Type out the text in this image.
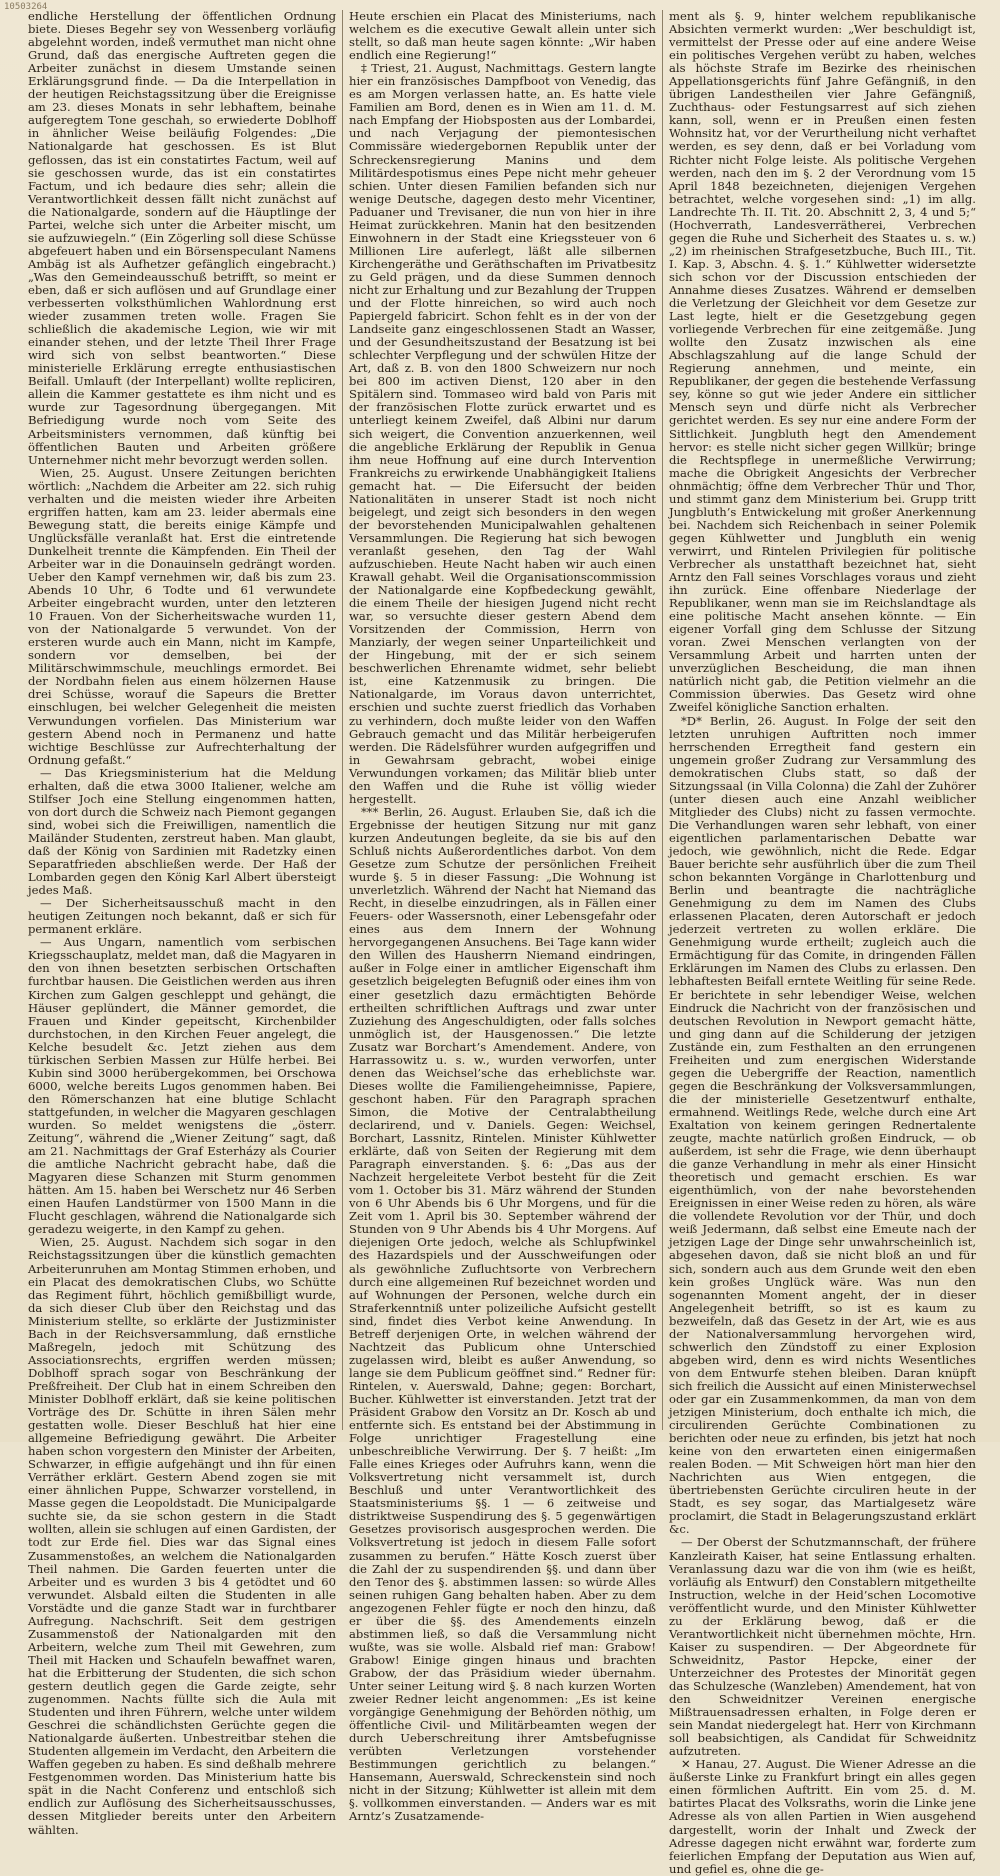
10503264

endliche Herstellung der öffentlichen Ordnung biete. Dieses Begehr sey von Wessenberg vorläufig abgelehnt worden, indeß vermuthet man nicht ohne Grund, daß das energische Auftreten gegen die Arbeiter zunächst in diesem Umstande seinen Erklärungsgrund finde. — Da die Interpellation in der heutigen Reichstagssitzung über die Ereignisse am 23. dieses Monats in sehr lebhaftem, beinahe aufgeregtem Tone geschah, so erwiederte Doblhoff in ähnlicher Weise beiläufig Folgendes: „Die Nationalgarde hat geschossen. Es ist Blut geflossen, das ist ein constatirtes Factum, weil auf sie geschossen wurde, das ist ein constatirtes Factum, und ich bedaure dies sehr; allein die Verantwortlichkeit dessen fällt nicht zunächst auf die Nationalgarde, sondern auf die Häuptlinge der Partei, welche sich unter die Arbeiter mischt, um sie aufzuwiegeln.“ (Ein Zögerling soll diese Schüsse abgefeuert haben und ein Börsenspeculant Namens Ambäg ist als Aufhetzer gefänglich eingebracht.) „Was den Gemeindeausschuß betrifft, so meint er eben, daß er sich auflösen und auf Grundlage einer verbesserten volksthümlichen Wahlordnung erst wieder zusammen treten wolle. Fragen Sie schließlich die akademische Legion, wie wir mit einander stehen, und der letzte Theil Ihrer Frage wird sich von selbst beantworten.“ Diese ministerielle Erklärung erregte enthusiastischen Beifall. Umlauft (der Interpellant) wollte repliciren, allein die Kammer gestattete es ihm nicht und es wurde zur Tagesordnung übergegangen. Mit Befriedigung wurde noch vom Seite des Arbeitsministers vernommen, daß künftig bei öffentlichen Bauten und Arbeiten größere Unternehmer nicht mehr bevorzugt werden sollen.

Wien, 25. August. Unsere Zeitungen berichten wörtlich: „Nachdem die Arbeiter am 22. sich ruhig verhalten und die meisten wieder ihre Arbeiten ergriffen hatten, kam am 23. leider abermals eine Bewegung statt, die bereits einige Kämpfe und Unglücksfälle veranlaßt hat. Erst die eintretende Dunkelheit trennte die Kämpfenden. Ein Theil der Arbeiter war in die Donauinseln gedrängt worden. Ueber den Kampf vernehmen wir, daß bis zum 23. Abends 10 Uhr, 6 Todte und 61 verwundete Arbeiter eingebracht wurden, unter den letzteren 10 Frauen. Von der Sicherheitswache wurden 11, von der Nationalgarde 5 verwundet. Von der ersteren wurde auch ein Mann, nicht im Kampfe, sondern vor demselben, bei der Militärschwimmschule, meuchlings ermordet. Bei der Nordbahn fielen aus einem hölzernen Hause drei Schüsse, worauf die Sapeurs die Bretter einschlugen, bei welcher Gelegenheit die meisten Verwundungen vorfielen. Das Ministerium war gestern Abend noch in Permanenz und hatte wichtige Beschlüsse zur Aufrechterhaltung der Ordnung gefaßt.“

— Das Kriegsministerium hat die Meldung erhalten, daß die etwa 3000 Italiener, welche am Stilfser Joch eine Stellung eingenommen hatten, von dort durch die Schweiz nach Piemont gegangen sind, wobei sich die Freiwilligen, namentlich die Mailänder Studenten, zerstreut haben. Man glaubt, daß der König von Sardinien mit Radetzky einen Separatfrieden abschließen werde. Der Haß der Lombarden gegen den König Karl Albert übersteigt jedes Maß.

— Der Sicherheitsausschuß macht in den heutigen Zeitungen noch bekannt, daß er sich für permanent erkläre.

— Aus Ungarn, namentlich vom serbischen Kriegsschauplatz, meldet man, daß die Magyaren in den von ihnen besetzten serbischen Ortschaften furchtbar hausen. Die Geistlichen werden aus ihren Kirchen zum Galgen geschleppt und gehängt, die Häuser geplündert, die Männer gemordet, die Frauen und Kinder gepeitscht, Kirchenbilder durchstochen, in den Kirchen Feuer angelegt, die Kelche besudelt &c. Jetzt ziehen aus dem türkischen Serbien Massen zur Hülfe herbei. Bei Kubin sind 3000 herübergekommen, bei Orschowa 6000, welche bereits Lugos genommen haben. Bei den Römerschanzen hat eine blutige Schlacht stattgefunden, in welcher die Magyaren geschlagen wurden. So meldet wenigstens die „österr. Zeitung“, während die „Wiener Zeitung“ sagt, daß am 21. Nachmittags der Graf Esterházy als Courier die amtliche Nachricht gebracht habe, daß die Magyaren diese Schanzen mit Sturm genommen hätten. Am 15. haben bei Werschetz nur 46 Serben einen Haufen Landstürmer von 1500 Mann in die Flucht geschlagen, während die Nationalgarde sich geradezu weigerte, in den Kampf zu gehen.

Wien, 25. August. Nachdem sich sogar in den Reichstagssitzungen über die künstlich gemachten Arbeiterunruhen am Montag Stimmen erhoben, und ein Placat des demokratischen Clubs, wo Schütte das Regiment führt, höchlich gemißbilligt wurde, da sich dieser Club über den Reichstag und das Ministerium stellte, so erklärte der Justizminister Bach in der Reichsversammlung, daß ernstliche Maßregeln, jedoch mit Schützung des Associationsrechts, ergriffen werden müssen; Doblhoff sprach sogar von Beschränkung der Preßfreiheit. Der Club hat in einem Schreiben den Minister Doblhoff erklärt, daß sie keine politischen Vorträge des Dr. Schütte in ihren Sälen mehr gestatten wolle. Dieser Beschluß hat hier eine allgemeine Befriedigung gewährt. Die Arbeiter haben schon vorgestern den Minister der Arbeiten, Schwarzer, in effigie aufgehängt und ihn für einen Verräther erklärt. Gestern Abend zogen sie mit einer ähnlichen Puppe, Schwarzer vorstellend, in Masse gegen die Leopoldstadt. Die Municipalgarde suchte sie, da sie schon gestern in die Stadt wollten, allein sie schlugen auf einen Gardisten, der todt zur Erde fiel. Dies war das Signal eines Zusammenstoßes, an welchem die Nationalgarden Theil nahmen. Die Garden feuerten unter die Arbeiter und es wurden 3 bis 4 getödtet und 60 verwundet. Alsbald eilten die Studenten in alle Vorstädte und die ganze Stadt war in furchtbarer Aufregung. Nachschrift. Seit dem gestrigen Zusammenstoß der Nationalgarden mit den Arbeitern, welche zum Theil mit Gewehren, zum Theil mit Hacken und Schaufeln bewaffnet waren, hat die Erbitterung der Studenten, die sich schon gestern deutlich gegen die Garde zeigte, sehr zugenommen. Nachts füllte sich die Aula mit Studenten und ihren Führern, welche unter wildem Geschrei die schändlichsten Gerüchte gegen die Nationalgarde äußerten. Unbestreitbar stehen die Studenten allgemein im Verdacht, den Arbeitern die Waffen gegeben zu haben. Es sind deßhalb mehrere Festgenommen worden. Das Ministerium hatte bis spät in die Nacht Conferenz und entschloß sich endlich zur Auflösung des Sicherheitsausschusses, dessen Mitglieder bereits unter den Arbeitern wählten.

Heute erschien ein Placat des Ministeriums, nach welchem es die executive Gewalt allein unter sich stellt, so daß man heute sagen könnte: „Wir haben endlich eine Regierung!“

‡ Triest, 21. August, Nachmittags. Gestern langte hier ein französisches Dampfboot von Venedig, das es am Morgen verlassen hatte, an. Es hatte viele Familien am Bord, denen es in Wien am 11. d. M. nach Empfang der Hiobsposten aus der Lombardei, und nach Verjagung der piemontesischen Commissäre wiedergebornen Republik unter der Schreckensregierung Manins und dem Militärdespotismus eines Pepe nicht mehr geheuer schien. Unter diesen Familien befanden sich nur wenige Deutsche, dagegen desto mehr Vicentiner, Paduaner und Trevisaner, die nun von hier in ihre Heimat zurückkehren. Manin hat den besitzenden Einwohnern in der Stadt eine Kriegssteuer von 6 Millionen Lire auferlegt, läßt alle silbernen Kirchengeräthe und Geräthschaften im Privatbesitz zu Geld prägen, und da diese Summen dennoch nicht zur Erhaltung und zur Bezahlung der Truppen und der Flotte hinreichen, so wird auch noch Papiergeld fabricirt. Schon fehlt es in der von der Landseite ganz eingeschlossenen Stadt an Wasser, und der Gesundheitszustand der Besatzung ist bei schlechter Verpflegung und der schwülen Hitze der Art, daß z. B. von den 1800 Schweizern nur noch bei 800 im activen Dienst, 120 aber in den Spitälern sind. Tommaseo wird bald von Paris mit der französischen Flotte zurück erwartet und es unterliegt keinem Zweifel, daß Albini nur darum sich weigert, die Convention anzuerkennen, weil die angebliche Erklärung der Republik in Genua ihm neue Hoffnung auf eine durch Intervention Frankreichs zu erwirkende Unabhängigkeit Italiens gemacht hat. — Die Eifersucht der beiden Nationalitäten in unserer Stadt ist noch nicht beigelegt, und zeigt sich besonders in den wegen der bevorstehenden Municipalwahlen gehaltenen Versammlungen. Die Regierung hat sich bewogen veranlaßt gesehen, den Tag der Wahl aufzuschieben. Heute Nacht haben wir auch einen Krawall gehabt. Weil die Organisationscommission der Nationalgarde eine Kopfbedeckung gewählt, die einem Theile der hiesigen Jugend nicht recht war, so versuchte dieser gestern Abend dem Vorsitzenden der Commission, Herrn von Manziarly, der wegen seiner Unparteilichkeit und der Hingebung, mit der er sich seinem beschwerlichen Ehrenamte widmet, sehr beliebt ist, eine Katzenmusik zu bringen. Die Nationalgarde, im Voraus davon unterrichtet, erschien und suchte zuerst friedlich das Vorhaben zu verhindern, doch mußte leider von den Waffen Gebrauch gemacht und das Militär herbeigerufen werden. Die Rädelsführer wurden aufgegriffen und in Gewahrsam gebracht, wobei einige Verwundungen vorkamen; das Militär blieb unter den Waffen und die Ruhe ist völlig wieder hergestellt.

*** Berlin, 26. August. Erlauben Sie, daß ich die Ergebnisse der heutigen Sitzung nur mit ganz kurzen Andeutungen begleite, da sie bis auf den Schluß nichts Außerordentliches darbot. Von dem Gesetze zum Schutze der persönlichen Freiheit wurde §. 5 in dieser Fassung: „Die Wohnung ist unverletzlich. Während der Nacht hat Niemand das Recht, in dieselbe einzudringen, als in Fällen einer Feuers- oder Wassersnoth, einer Lebensgefahr oder eines aus dem Innern der Wohnung hervorgegangenen Ansuchens. Bei Tage kann wider den Willen des Hausherrn Niemand eindringen, außer in Folge einer in amtlicher Eigenschaft ihm gesetzlich beigelegten Befugniß oder eines ihm von einer gesetzlich dazu ermächtigten Behörde ertheilten schriftlichen Auftrags und zwar unter Zuziehung des Angeschuldigten, oder falls solches unmöglich ist, der Hausgenossen.“ Die letzte Zusatz war Borchart’s Amendement. Andere, von Harrassowitz u. s. w., wurden verworfen, unter denen das Weichsel’sche das erheblichste war. Dieses wollte die Familiengeheimnisse, Papiere, geschont haben. Für den Paragraph sprachen Simon, die Motive der Centralabtheilung declarirend, und v. Daniels. Gegen: Weichsel, Borchart, Lassnitz, Rintelen. Minister Kühlwetter erklärte, daß von Seiten der Regierung mit dem Paragraph einverstanden. §. 6: „Das aus der Nachzeit hergeleitete Verbot besteht für die Zeit vom 1. October bis 31. März während der Stunden von 6 Uhr Abends bis 6 Uhr Morgens, und für die Zeit vom 1. April bis 30. September während der Stunden von 9 Uhr Abends bis 4 Uhr Morgens. Auf diejenigen Orte jedoch, welche als Schlupfwinkel des Hazardspiels und der Ausschweifungen oder als gewöhnliche Zufluchtsorte von Verbrechern durch eine allgemeinen Ruf bezeichnet worden und auf Wohnungen der Personen, welche durch ein Straferkenntniß unter polizeiliche Aufsicht gestellt sind, findet dies Verbot keine Anwendung. In Betreff derjenigen Orte, in welchen während der Nachtzeit das Publicum ohne Unterschied zugelassen wird, bleibt es außer Anwendung, so lange sie dem Publicum geöffnet sind.“ Redner für: Rintelen, v. Auerswald, Dahne; gegen: Borchart, Bucher. Kühlwetter ist einverstanden. Jetzt trat der Präsident Grabow den Vorsitz an Dr. Kosch ab und entfernte sich. Es entstand bei der Abstimmung in Folge unrichtiger Fragestellung eine unbeschreibliche Verwirrung. Der §. 7 heißt: „Im Falle eines Krieges oder Aufruhrs kann, wenn die Volksvertretung nicht versammelt ist, durch Beschluß und unter Verantwortlichkeit des Staatsministeriums §§. 1 — 6 zeitweise und distriktweise Suspendirung des §. 5 gegenwärtigen Gesetzes provisorisch ausgesprochen werden. Die Volksvertretung ist jedoch in diesem Falle sofort zusammen zu berufen.“ Hätte Kosch zuerst über die Zahl der zu suspendirenden §§. und dann über den Tenor des §. abstimmen lassen: so würde Alles seinen ruhigen Gang behalten haben. Aber zu dem angezogenen Fehler fügte er noch den hinzu, daß er über die §§. des Amendements einzeln abstimmen ließ, so daß die Versammlung nicht wußte, was sie wolle. Alsbald rief man: Grabow! Grabow! Einige gingen hinaus und brachten Grabow, der das Präsidium wieder übernahm. Unter seiner Leitung wird §. 8 nach kurzen Worten zweier Redner leicht angenommen: „Es ist keine vorgängige Genehmigung der Behörden nöthig, um öffentliche Civil- und Militärbeamten wegen der durch Ueberschreitung ihrer Amtsbefugnisse verübten Verletzungen vorstehender Bestimmungen gerichtlich zu belangen.“ Hansemann, Auerswald, Schreckenstein sind noch nicht in der Sitzung; Kühlwetter ist allein mit dem §. vollkommen einverstanden. — Anders war es mit Arntz’s Zusatzamende-

ment als §. 9, hinter welchem republikanische Absichten vermerkt wurden: „Wer beschuldigt ist, vermittelst der Presse oder auf eine andere Weise ein politisches Vergehen verübt zu haben, welches als höchste Strafe im Bezirke des rheinischen Appellationsgerichts fünf Jahre Gefängniß, in den übrigen Landestheilen vier Jahre Gefängniß, Zuchthaus- oder Festungsarrest auf sich ziehen kann, soll, wenn er in Preußen einen festen Wohnsitz hat, vor der Verurtheilung nicht verhaftet werden, es sey denn, daß er bei Vorladung vom Richter nicht Folge leiste. Als politische Vergehen werden, nach den im §. 2 der Verordnung vom 15 April 1848 bezeichneten, diejenigen Vergehen betrachtet, welche vorgesehen sind: „1) im allg. Landrechte Th. II. Tit. 20. Abschnitt 2, 3, 4 und 5;“ (Hochverrath, Landesverrätherei, Verbrechen gegen die Ruhe und Sicherheit des Staates u. s. w.) „2) im rheinischen Strafgesetzbuche, Buch III., Tit. I. Kap. 3, Abschn. 4. §. 1.“ Kühlwetter widersetzte sich schon vor der Discussion entschieden der Annahme dieses Zusatzes. Während er demselben die Verletzung der Gleichheit vor dem Gesetze zur Last legte, hielt er die Gesetzgebung gegen vorliegende Verbrechen für eine zeitgemäße. Jung wollte den Zusatz inzwischen als eine Abschlagszahlung auf die lange Schuld der Regierung annehmen, und meinte, ein Republikaner, der gegen die bestehende Verfassung sey, könne so gut wie jeder Andere ein sittlicher Mensch seyn und dürfe nicht als Verbrecher gerichtet werden. Es sey nur eine andere Form der Sittlichkeit. Jungbluth hegt den Amendement hervor: es stelle nicht sicher gegen Willkür; bringe die Rechtspflege in unermeßliche Verwirrung; mache die Obrigkeit Angesichts der Verbrecher ohnmächtig; öffne dem Verbrecher Thür und Thor, und stimmt ganz dem Ministerium bei. Grupp tritt Jungbluth’s Entwickelung mit großer Anerkennung bei. Nachdem sich Reichenbach in seiner Polemik gegen Kühlwetter und Jungbluth ein wenig verwirrt, und Rintelen Privilegien für politische Verbrecher als unstatthaft bezeichnet hat, sieht Arntz den Fall seines Vorschlages voraus und zieht ihn zurück. Eine offenbare Niederlage der Republikaner, wenn man sie im Reichslandtage als eine politische Macht ansehen könnte. — Ein eigener Vorfall ging dem Schlusse der Sitzung voran. Zwei Menschen verlangten von der Versammlung Arbeit und harrten unten der unverzüglichen Bescheidung, die man ihnen natürlich nicht gab, die Petition vielmehr an die Commission überwies. Das Gesetz wird ohne Zweifel königliche Sanction erhalten.

*D* Berlin, 26. August. In Folge der seit den letzten unruhigen Auftritten noch immer herrschenden Erregtheit fand gestern ein ungemein großer Zudrang zur Versammlung des demokratischen Clubs statt, so daß der Sitzungssaal (in Villa Colonna) die Zahl der Zuhörer (unter diesen auch eine Anzahl weiblicher Mitglieder des Clubs) nicht zu fassen vermochte. Die Verhandlungen waren sehr lebhaft, von einer eigentlichen parlamentarischen Debatte war jedoch, wie gewöhnlich, nicht die Rede. Edgar Bauer berichte sehr ausführlich über die zum Theil schon bekannten Vorgänge in Charlottenburg und Berlin und beantragte die nachträgliche Genehmigung zu dem im Namen des Clubs erlassenen Placaten, deren Autorschaft er jedoch jederzeit vertreten zu wollen erkläre. Die Genehmigung wurde ertheilt; zugleich auch die Ermächtigung für das Comite, in dringenden Fällen Erklärungen im Namen des Clubs zu erlassen. Den lebhaftesten Beifall erntete Weitling für seine Rede. Er berichtete in sehr lebendiger Weise, welchen Eindruck die Nachricht von der französischen und deutschen Revolution in Newport gemacht hätte, und ging dann auf die Schilderung der jetzigen Zustände ein, zum Festhalten an den errungenen Freiheiten und zum energischen Widerstande gegen die Uebergriffe der Reaction, namentlich gegen die Beschränkung der Volksversammlungen, die der ministerielle Gesetzentwurf enthalte, ermahnend. Weitlings Rede, welche durch eine Art Exaltation von keinem geringen Rednertalente zeugte, machte natürlich großen Eindruck, — ob außerdem, ist sehr die Frage, wie denn überhaupt die ganze Verhandlung in mehr als einer Hinsicht theoretisch und gemacht erschien. Es war eigenthümlich, von der nahe bevorstehenden Ereignissen in einer Weise reden zu hören, als wäre die vollendete Revolution vor der Thür, und doch weiß Jedermann, daß selbst eine Emeute nach der jetzigen Lage der Dinge sehr unwahrscheinlich ist, abgesehen davon, daß sie nicht bloß an und für sich, sondern auch aus dem Grunde weit den eben kein großes Unglück wäre. Was nun den sogenannten Moment angeht, der in dieser Angelegenheit betrifft, so ist es kaum zu bezweifeln, daß das Gesetz in der Art, wie es aus der Nationalversammlung hervorgehen wird, schwerlich den Zündstoff zu einer Explosion abgeben wird, denn es wird nichts Wesentliches von dem Entwurfe stehen bleiben. Daran knüpft sich freilich die Aussicht auf einen Ministerwechsel oder gar ein Zusammenkommen, da man von dem jetzigen Ministerium, doch enthalte ich mich, die circulirenden Gerüchte Combinationen zu berichten oder neue zu erfinden, bis jetzt hat noch keine von den erwarteten einen einigermaßen realen Boden. — Mit Schweigen hört man hier den Nachrichten aus Wien entgegen, die übertriebensten Gerüchte circuliren heute in der Stadt, es sey sogar, das Martialgesetz wäre proclamirt, die Stadt in Belagerungszustand erklärt &c.

— Der Oberst der Schutzmannschaft, der frühere Kanzleirath Kaiser, hat seine Entlassung erhalten. Veranlassung dazu war die von ihm (wie es heißt, vorläufig als Entwurf) den Constablern mitgetheilte Instruction, welche in der Heid’schen Locomotive veröffentlicht wurde, und den Minister Kühlwetter zu der Erklärung bewog, daß er die Verantwortlichkeit nicht übernehmen möchte, Hrn. Kaiser zu suspendiren. — Der Abgeordnete für Schweidnitz, Pastor Hepcke, einer der Unterzeichner des Protestes der Minorität gegen das Schulzesche (Wanzleben) Amendement, hat von den Schweidnitzer Vereinen energische Mißtrauensadressen erhalten, in Folge deren er sein Mandat niedergelegt hat. Herr von Kirchmann soll beabsichtigen, als Candidat für Schweidnitz aufzutreten.

✕ Hanau, 27. August. Die Wiener Adresse an die äußerste Linke zu Frankfurt bringt ein alles gegen einen förmlichen Auftritt. Ein vom 25. d. M. batirtes Placat des Volksraths, worin die Linke jene Adresse als von allen Partien in Wien ausgehend dargestellt, worin der Inhalt und Zweck der Adresse dagegen nicht erwähnt war, forderte zum feierlichen Empfang der Deputation aus Wien auf, und gefiel es, ohne die ge-
